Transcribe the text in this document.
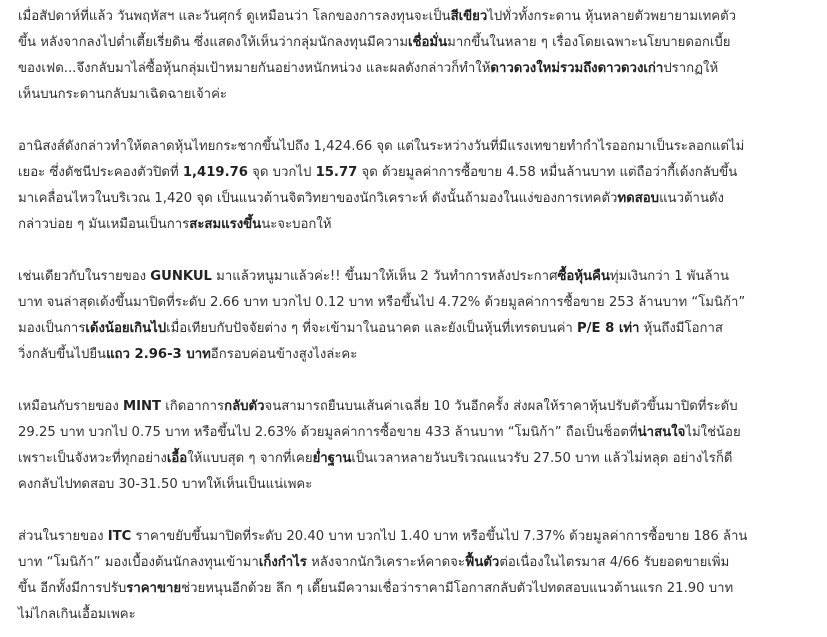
เมื่อสัปดาห์ที่แล้ว วันพฤหัสฯ และวันศุกร์ ดูเหมือนว่า โลกของการลงทุนจะเป็นสีเขียวไปทั่วทั้งกระดาน หุ้นหลายตัวพยายามเทคตัว
ขึ้น หลังจากลงไปต่ำเตี้ยเรี่ยดิน ซึ่งแสดงให้เห็นว่ากลุ่มนักลงทุนมีความเชื่อมั่นมากขึ้นในหลาย ๆ เรื่องโดยเฉพาะนโยบายดอกเบี้ย
ของเฟด...จึงกลับมาไล่ซื้อหุ้นกลุ่มเป้าหมายกันอย่างหนักหน่วง และผลดังกล่าวก็ทำให้ดาวดวงใหม่รวมถึงดาวดวงเก่าปรากฏให้
เห็นบนกระดานกลับมาเฉิดฉายเจ้าค่ะ

อานิสงส์ดังกล่าวทำให้ตลาดหุ้นไทยกระชากขึ้นไปถึง 1,424.66 จุด แต่ในระหว่างวันที่มีแรงเทขายทำกำไรออกมาเป็นระลอกแต่ไม่
เยอะ ซึ่งดัชนีประคองตัวปิดที่ 1,419.76 จุด บวกไป 15.77 จุด ด้วยมูลค่าการซื้อขาย 4.58 หมื่นล้านบาท แต่ถือว่ากี้เด้งกลับขึ้น
มาเคลื่อนไหวในบริเวณ 1,420 จุด เป็นแนวต้านจิตวิทยาของนักวิเคราะห์ ดังนั้นถ้ามองในแง่ของการเทคตัวทดสอบแนวต้านดัง
กล่าวบ่อย ๆ มันเหมือนเป็นการสะสมแรงขึ้นนะจะบอกให้

เช่นเดียวกับในรายของ GUNKUL มาแล้วหนูมาแล้วค่ะ!! ขึ้นมาให้เห็น 2 วันทำการหลังประกาศซื้อหุ้นคืนทุ่มเงินกว่า 1 พันล้าน
บาท จนล่าสุดเด้งขึ้นมาปิดที่ระดับ 2.66 บาท บวกไป 0.12 บาท หรือขึ้นไป 4.72% ด้วยมูลค่าการซื้อขาย 253 ล้านบาท “โมนิก้า”
มองเป็นการเด้งน้อยเกินไปเมื่อเทียบกับปัจจัยต่าง ๆ ที่จะเข้ามาในอนาคต และยังเป็นหุ้นที่เทรดบนค่า P/E 8 เท่า หุ้นถึงมีโอกาส
วิ่งกลับขึ้นไปยืนแถว 2.96-3 บาทอีกรอบค่อนข้างสูงไงล่ะคะ

เหมือนกับรายของ MINT เกิดอาการกลับตัวจนสามารถยืนบนเส้นค่าเฉลี่ย 10 วันอีกครั้ง ส่งผลให้ราคาหุ้นปรับตัวขึ้นมาปิดที่ระดับ
29.25 บาท บวกไป 0.75 บาท หรือขึ้นไป 2.63% ด้วยมูลค่าการซื้อขาย 433 ล้านบาท “โมนิก้า” ถือเป็นช็อตที่น่าสนใจไม่ใช่น้อย
เพราะเป็นจังหวะที่ทุกอย่างเอื้อให้แบบสุด ๆ จากที่เคยย่ำฐานเป็นเวลาหลายวันบริเวณแนวรับ 27.50 บาท แล้วไม่หลุด อย่างไรก็ดี
คงกลับไปทดสอบ 30-31.50 บาทให้เห็นเป็นแน่เพคะ

ส่วนในรายของ ITC ราคาขยับขึ้นมาปิดที่ระดับ 20.40 บาท บวกไป 1.40 บาท หรือขึ้นไป 7.37% ด้วยมูลค่าการซื้อขาย 186 ล้าน
บาท “โมนิก้า” มองเบื้องต้นนักลงทุนเข้ามาเก็งกำไร หลังจากนักวิเคราะห์คาดจะฟื้นตัวต่อเนื่องในไตรมาส 4/66 รับยอดขายเพิ่ม
ขึ้น อีกทั้งมีการปรับราคาขายช่วยหนุนอีกด้วย ลึก ๆ เดี๊ยนมีความเชื่อว่าราคามีโอกาสกลับตัวไปทดสอบแนวต้านแรก 21.90 บาท
ไม่ไกลเกินเอื้อมเพคะ
